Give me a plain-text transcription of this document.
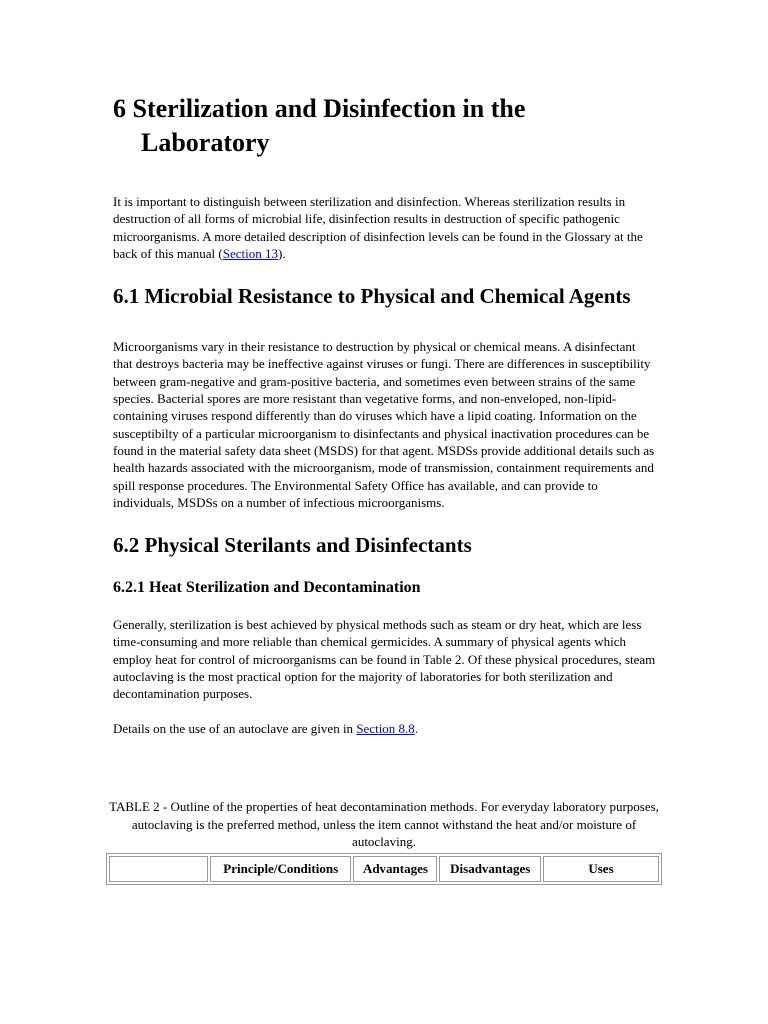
6 Sterilization and Disinfection in the Laboratory

It is important to distinguish between sterilization and disinfection. Whereas sterilization results in destruction of all forms of microbial life, disinfection results in destruction of specific pathogenic microorganisms. A more detailed description of disinfection levels can be found in the Glossary at the back of this manual (Section 13).

6.1 Microbial Resistance to Physical and Chemical Agents

Microorganisms vary in their resistance to destruction by physical or chemical means. A disinfectant that destroys bacteria may be ineffective against viruses or fungi. There are differences in susceptibility between gram-negative and gram-positive bacteria, and sometimes even between strains of the same species. Bacterial spores are more resistant than vegetative forms, and non-enveloped, non-lipid-containing viruses respond differently than do viruses which have a lipid coating. Information on the susceptibilty of a particular microorganism to disinfectants and physical inactivation procedures can be found in the material safety data sheet (MSDS) for that agent. MSDSs provide additional details such as health hazards associated with the microorganism, mode of transmission, containment requirements and spill response procedures. The Environmental Safety Office has available, and can provide to individuals, MSDSs on a number of infectious microorganisms.

6.2 Physical Sterilants and Disinfectants
6.2.1 Heat Sterilization and Decontamination

Generally, sterilization is best achieved by physical methods such as steam or dry heat, which are less time-consuming and more reliable than chemical germicides. A summary of physical agents which employ heat for control of microorganisms can be found in Table 2. Of these physical procedures, steam autoclaving is the most practical option for the majority of laboratories for both sterilization and decontamination purposes.

Details on the use of an autoclave are given in Section 8.8.

TABLE 2 - Outline of the properties of heat decontamination methods. For everyday laboratory purposes, autoclaving is the preferred method, unless the item cannot withstand the heat and/or moisture of autoclaving.
	Principle/Conditions	Advantages	Disadvantages	Uses
